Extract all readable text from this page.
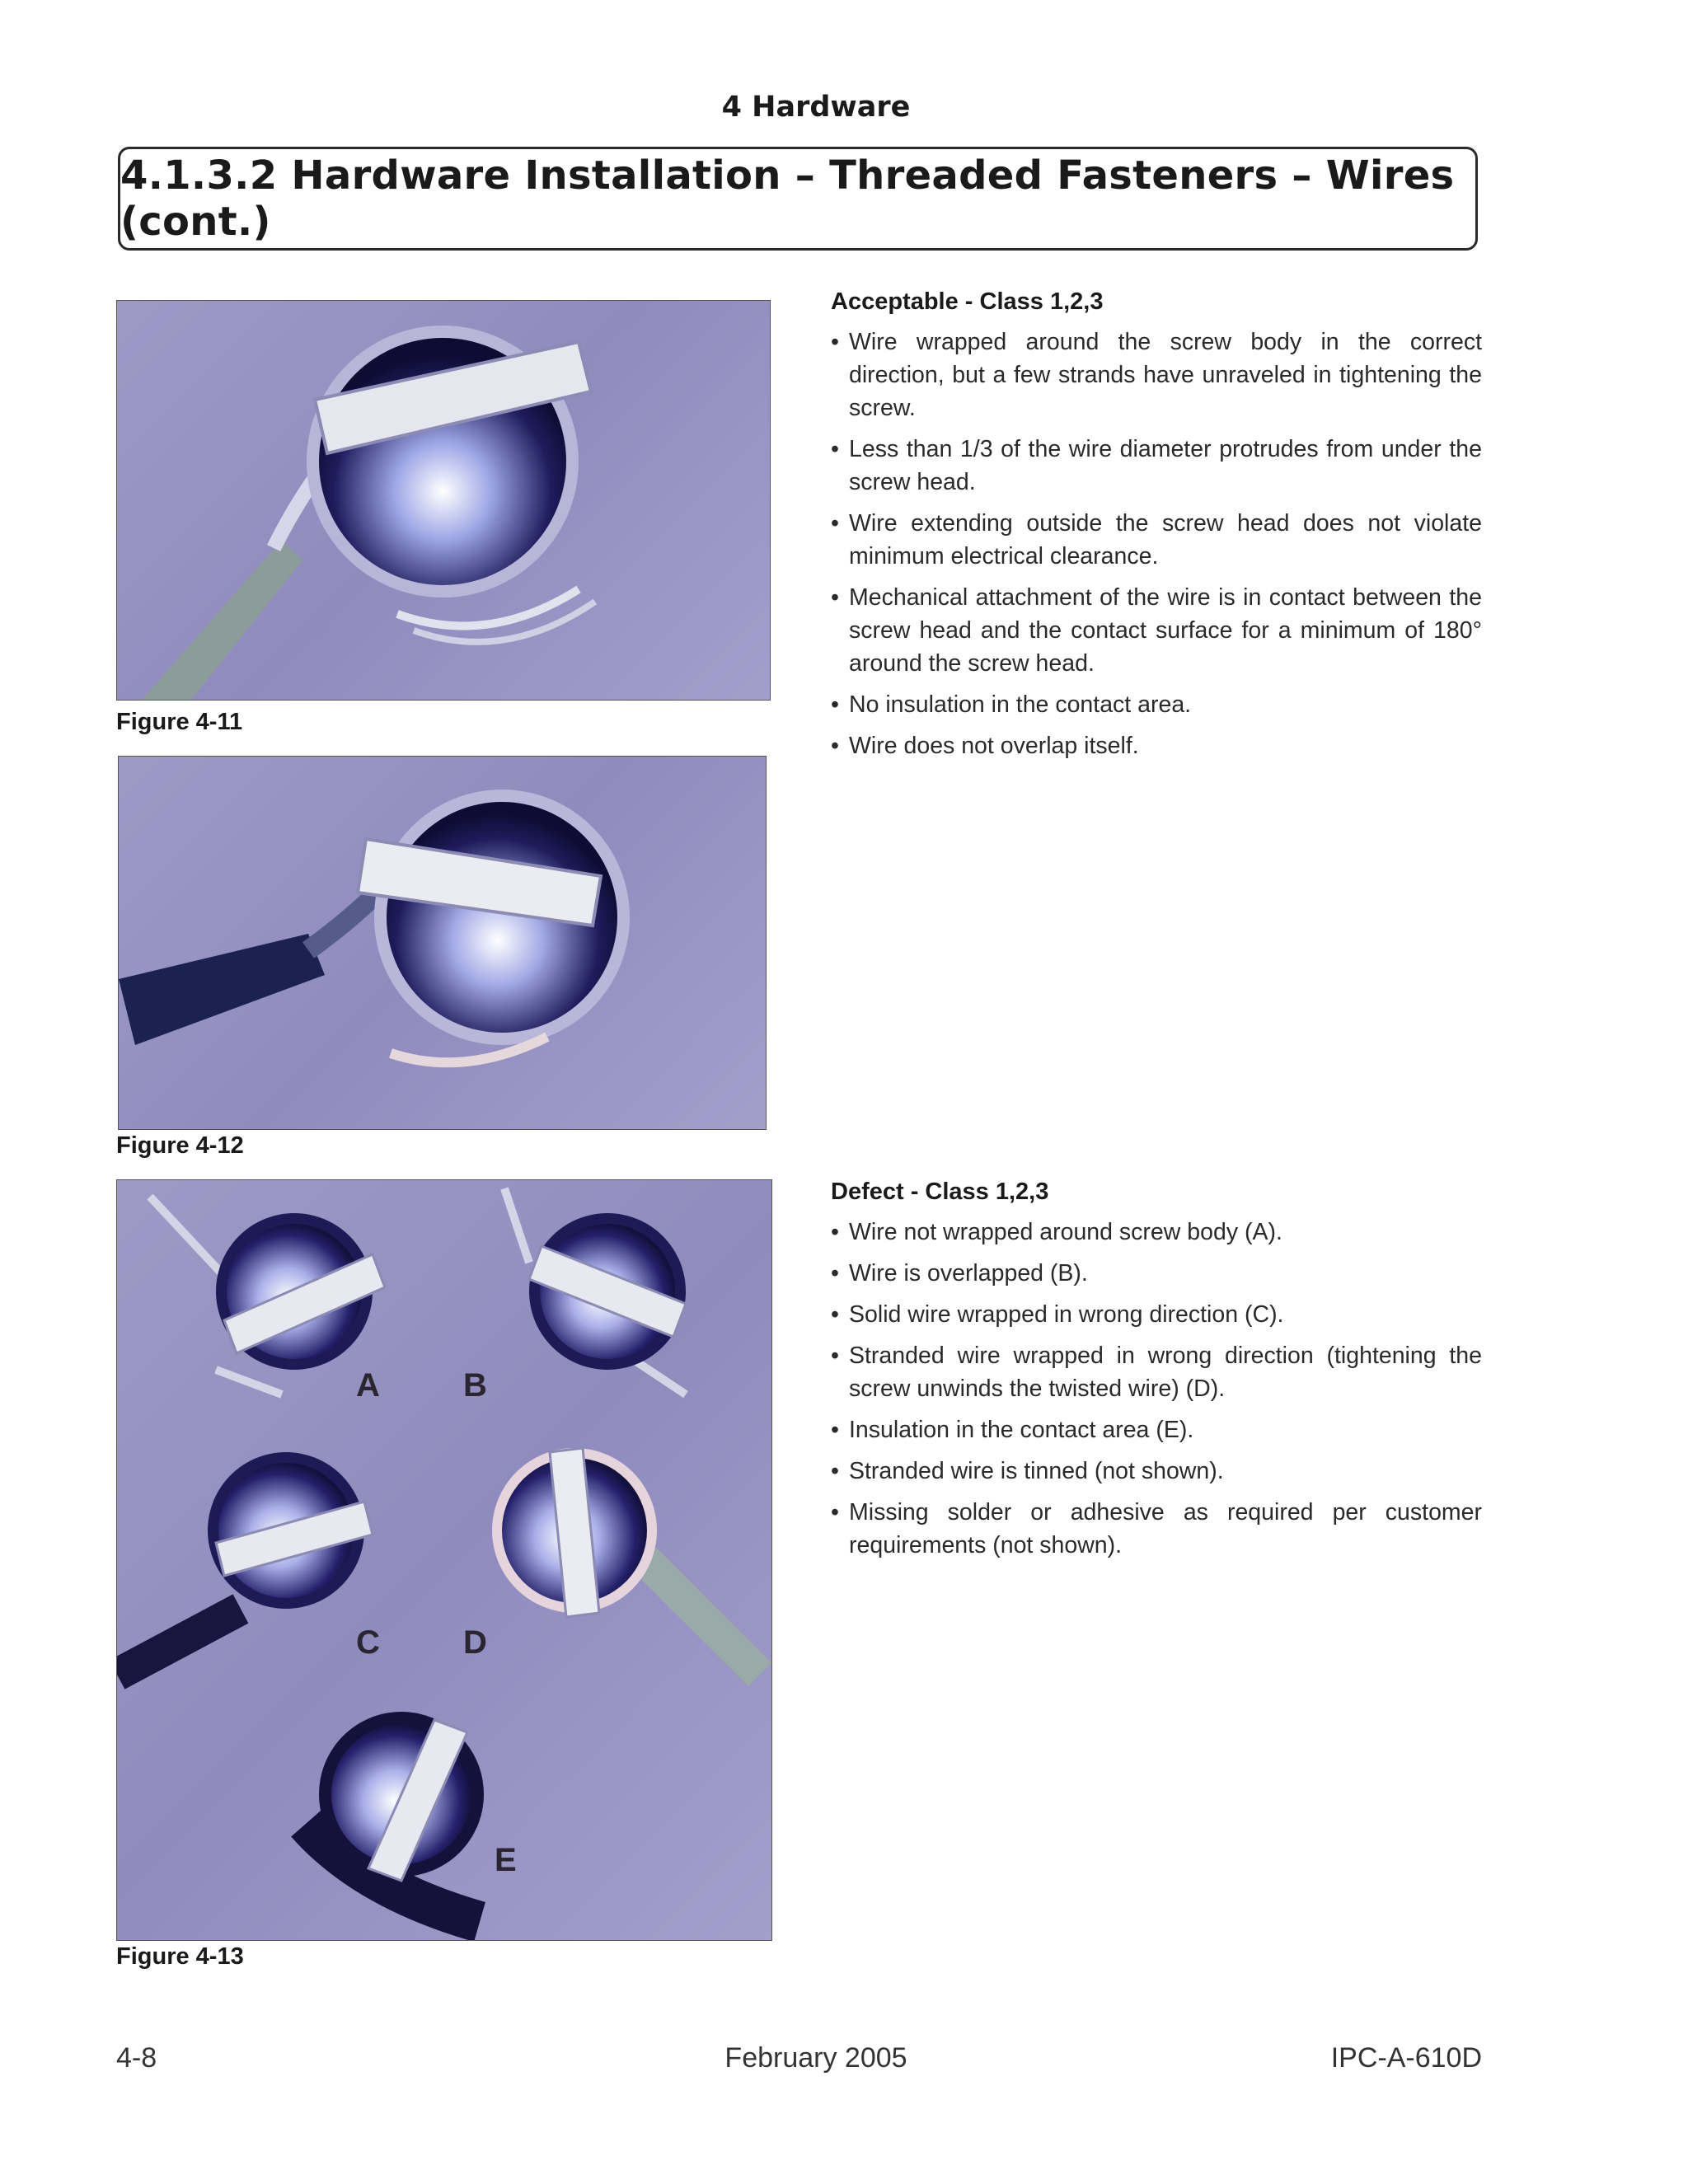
4 Hardware
4.1.3.2 Hardware Installation – Threaded Fasteners – Wires (cont.)
Figure 4-11
Figure 4-12
A	B
C	D
E
Figure 4-13
Acceptable - Class 1,2,3
• Wire wrapped around the screw body in the correct direction, but a few strands have unraveled in tightening the screw.
• Less than 1/3 of the wire diameter protrudes from under the screw head.
• Wire extending outside the screw head does not violate minimum electrical clearance.
• Mechanical attachment of the wire is in contact between the screw head and the contact surface for a minimum of 180° around the screw head.
• No insulation in the contact area.
• Wire does not overlap itself.
Defect - Class 1,2,3
• Wire not wrapped around screw body (A).
• Wire is overlapped (B).
• Solid wire wrapped in wrong direction (C).
• Stranded wire wrapped in wrong direction (tightening the screw unwinds the twisted wire) (D).
• Insulation in the contact area (E).
• Stranded wire is tinned (not shown).
• Missing solder or adhesive as required per customer requirements (not shown).
4-8	February 2005	IPC-A-610D
